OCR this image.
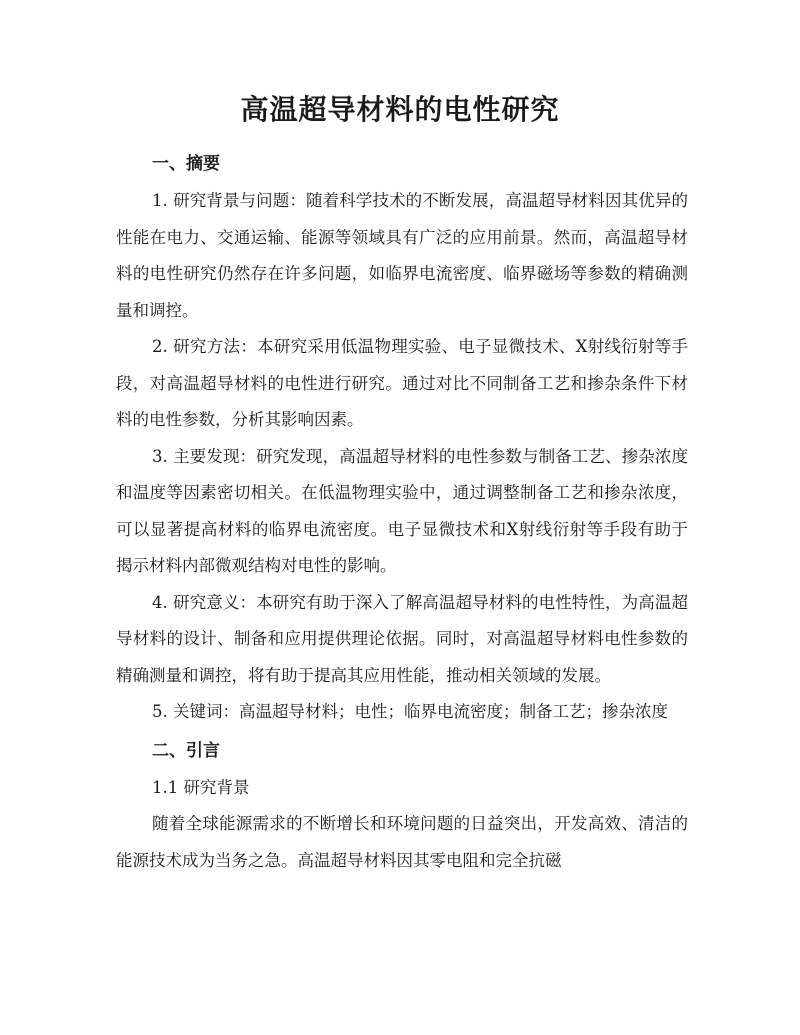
高温超导材料的电性研究
一、摘要

1. 研究背景与问题：随着科学技术的不断发展，高温超导材料因其优异的性能在电力、交通运输、能源等领域具有广泛的应用前景。然而，高温超导材料的电性研究仍然存在许多问题，如临界电流密度、临界磁场等参数的精确测量和调控。

2. 研究方法：本研究采用低温物理实验、电子显微技术、X射线衍射等手段，对高温超导材料的电性进行研究。通过对比不同制备工艺和掺杂条件下材料的电性参数，分析其影响因素。

3. 主要发现：研究发现，高温超导材料的电性参数与制备工艺、掺杂浓度和温度等因素密切相关。在低温物理实验中，通过调整制备工艺和掺杂浓度，可以显著提高材料的临界电流密度。电子显微技术和X射线衍射等手段有助于揭示材料内部微观结构对电性的影响。

4. 研究意义：本研究有助于深入了解高温超导材料的电性特性，为高温超导材料的设计、制备和应用提供理论依据。同时，对高温超导材料电性参数的精确测量和调控，将有助于提高其应用性能，推动相关领域的发展。

5. 关键词：高温超导材料；电性；临界电流密度；制备工艺；掺杂浓度

二、引言

1.1 研究背景

随着全球能源需求的不断增长和环境问题的日益突出，开发高效、清洁的能源技术成为当务之急。高温超导材料因其零电阻和完全抗磁
